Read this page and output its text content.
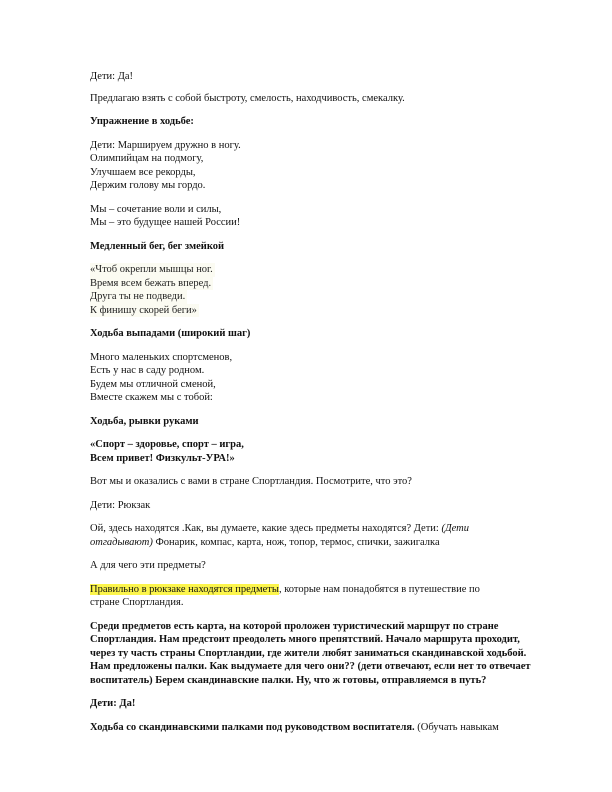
Дети: Да!
Предлагаю взять с собой быстроту, смелость, находчивость, смекалку.
Упражнение в ходьбе:
Дети: Маршируем дружно в ногу.
Олимпийцам на подмогу,
Улучшаем все рекорды,
Держим голову мы гордо.
Мы – сочетание воли и силы,
Мы – это будущее нашей России!
Медленный бег, бег змейкой
«Чтоб окрепли мышцы ног.
Время всем бежать вперед.
Друга ты не подведи.
К финишу скорей беги»
Ходьба выпадами (широкий шаг)
Много маленьких спортсменов,
Есть у нас в саду родном.
Будем мы отличной сменой,
Вместе скажем мы с тобой:
Ходьба, рывки руками
«Спорт – здоровье, спорт – игра,
Всем привет! Физкульт-УРА!»
Вот мы и оказались с вами в стране Спортландия. Посмотрите, что это?
Дети: Рюкзак
Ой, здесь находятся .Как, вы думаете, какие здесь предметы находятся? Дети: (Дети
отгадывают) Фонарик, компас, карта, нож, топор, термос, спички, зажигалка
А для чего эти предметы?
Правильно в рюкзаке находятся предметы, которые нам понадобятся в путешествие по
стране Спортландия.
Среди предметов есть карта, на которой проложен туристический маршрут по стране
Спортландия. Нам предстоит преодолеть много препятствий. Начало маршрута проходит,
через ту часть страны Спортландии, где жители любят заниматься скандинавской ходьбой.
Нам предложены палки. Как выдумаете для чего они?? (дети отвечают, если нет то отвечает
воспитатель) Берем скандинавские палки. Ну, что ж готовы, отправляемся в путь?
Дети: Да!
Ходьба со скандинавскими палками под руководством воспитателя. (Обучать навыкам
